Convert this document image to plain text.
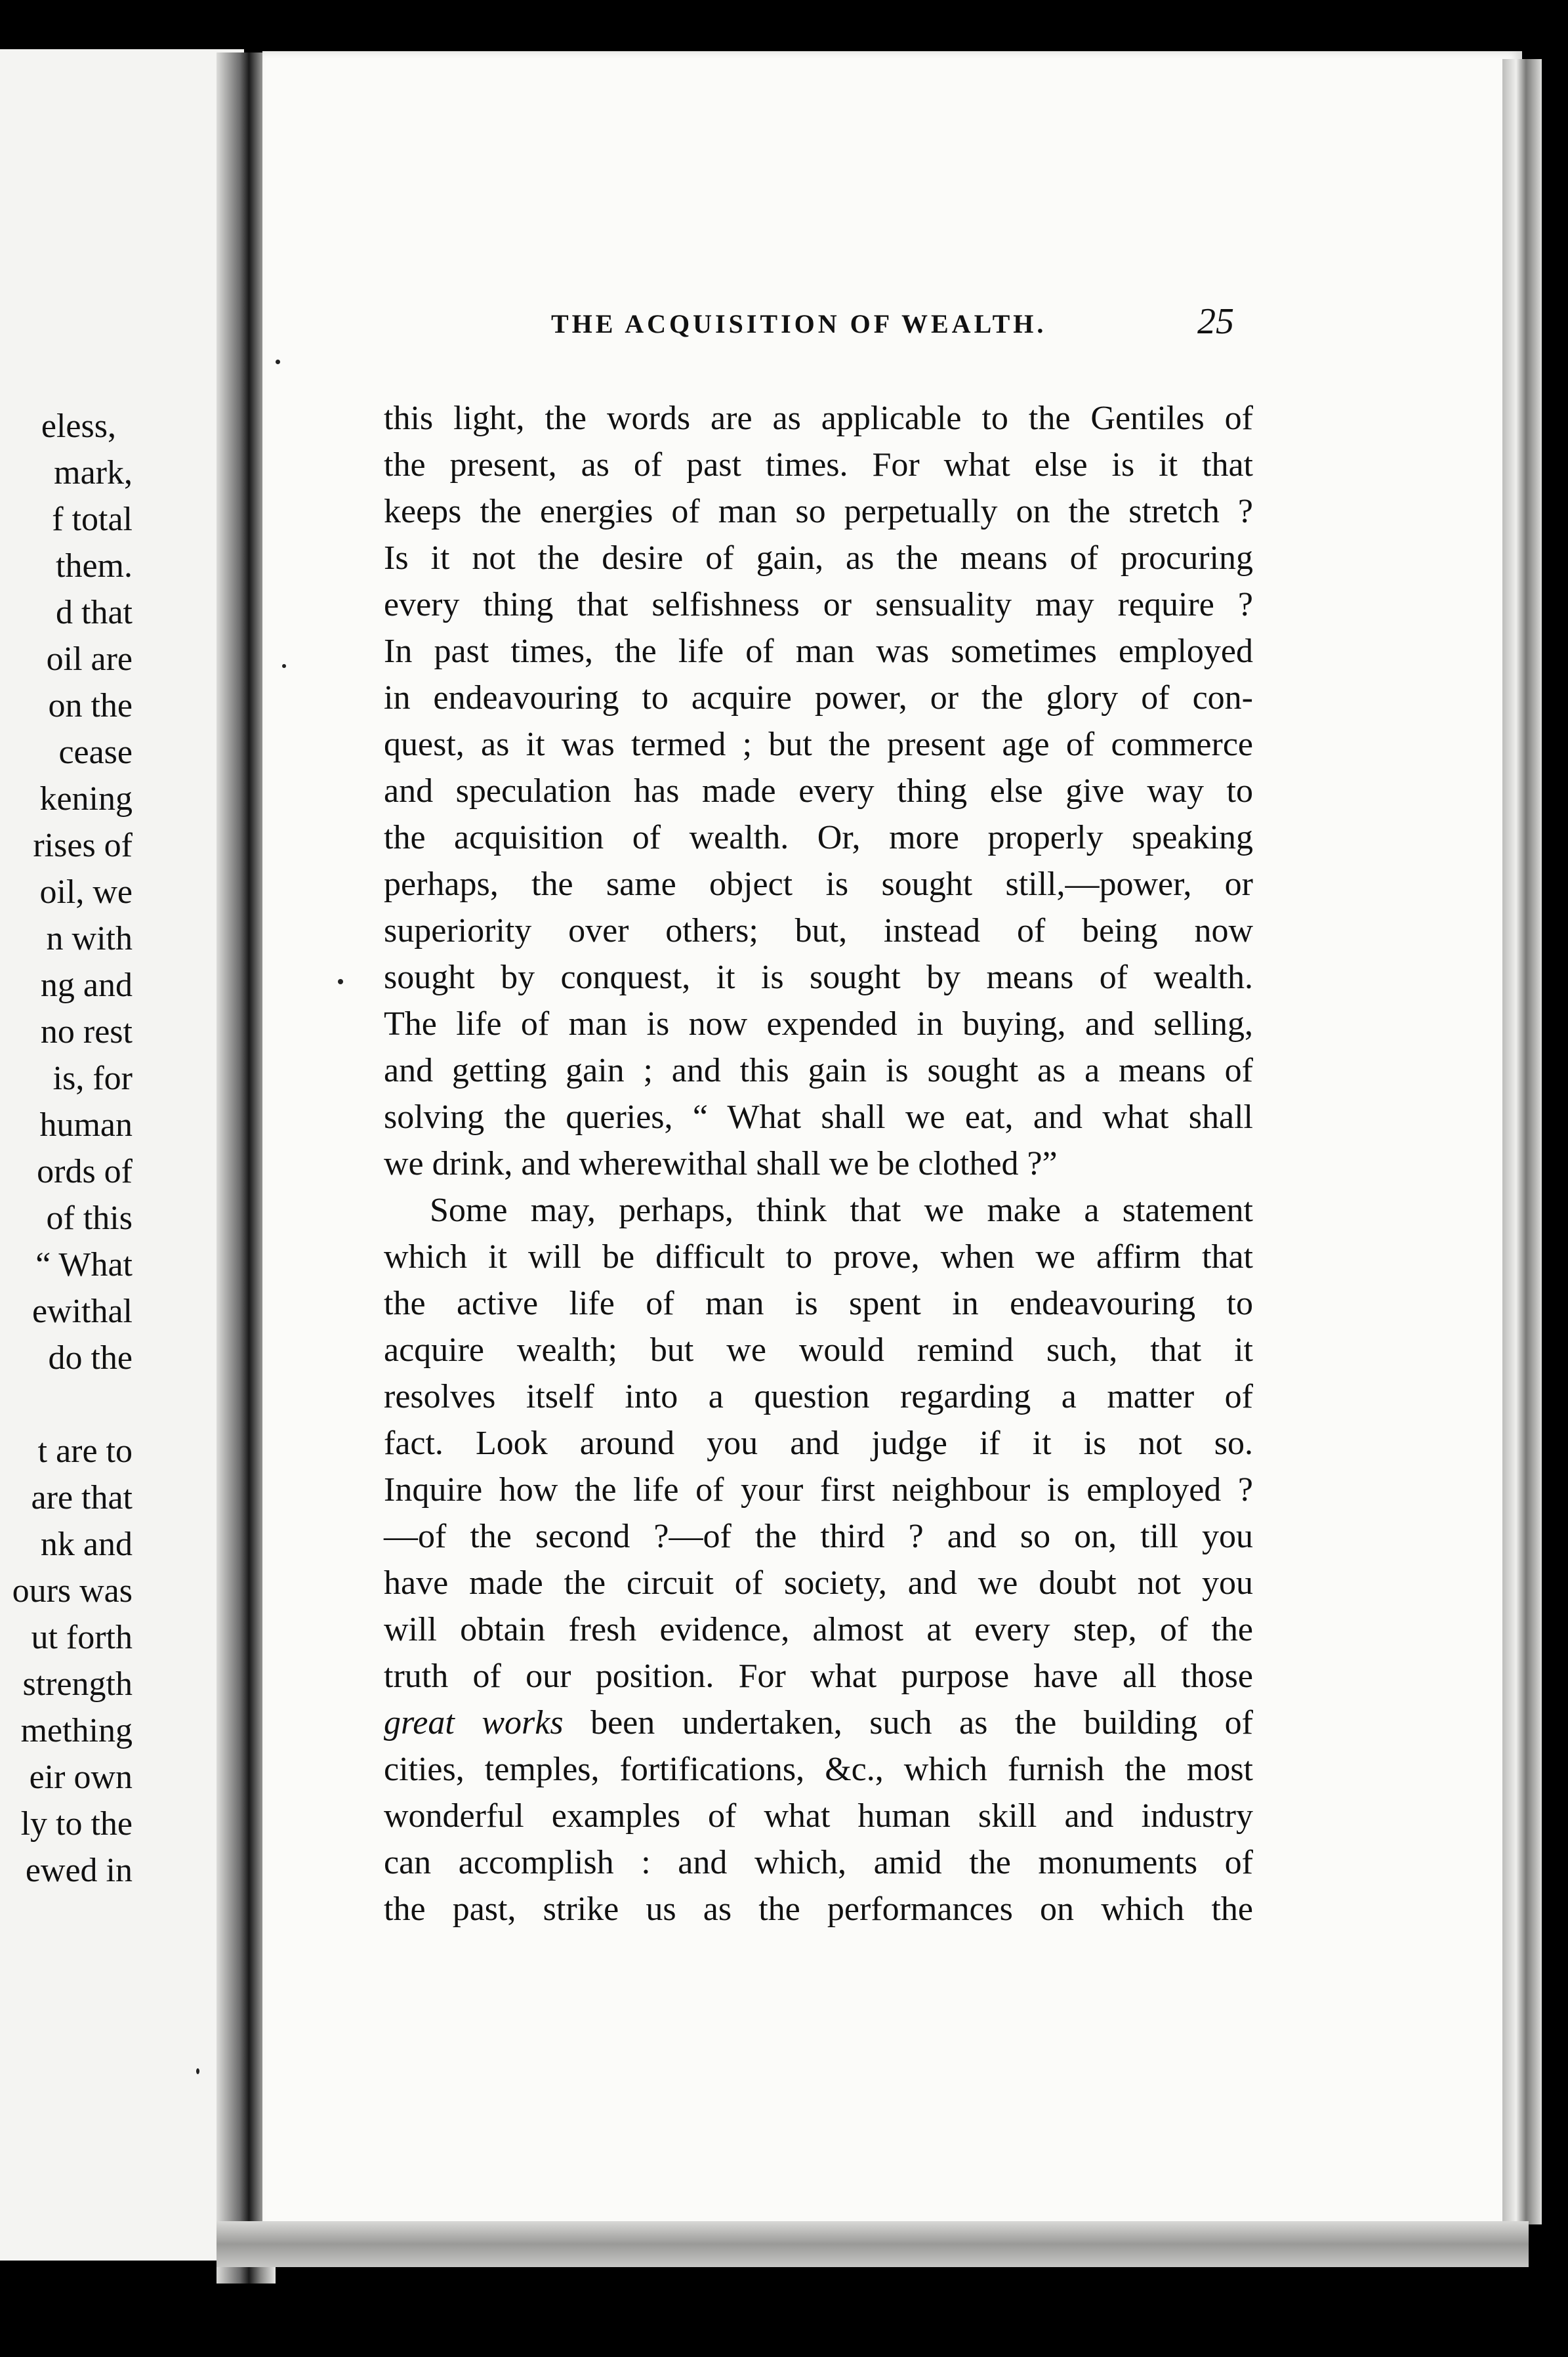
eless,
mark,
f total
them.
d that
oil are
on the
cease
kening
rises of
oil, we
n with
ng and
no rest
is, for
human
ords of
of this
“ What
ewithal
do the
t are to
are that
nk and
ours was
ut forth
strength
mething
eir own
ly to the
ewed in
THE ACQUISITION OF WEALTH.	25
this light, the words are as applicable to the Gentiles of
the present, as of past times. For what else is it that
keeps the energies of man so perpetually on the stretch ?
Is it not the desire of gain, as the means of procuring
every thing that selfishness or sensuality may require ?
In past times, the life of man was sometimes employed
in endeavouring to acquire power, or the glory of con-
quest, as it was termed ; but the present age of commerce
and speculation has made every thing else give way to
the acquisition of wealth. Or, more properly speaking
perhaps, the same object is sought still,—power, or
superiority over others; but, instead of being now
sought by conquest, it is sought by means of wealth.
The life of man is now expended in buying, and selling,
and getting gain ; and this gain is sought as a means of
solving the queries, “ What shall we eat, and what shall
we drink, and wherewithal shall we be clothed ?”
Some may, perhaps, think that we make a statement
which it will be difficult to prove, when we affirm that
the active life of man is spent in endeavouring to
acquire wealth; but we would remind such, that it
resolves itself into a question regarding a matter of
fact. Look around you and judge if it is not so.
Inquire how the life of your first neighbour is employed ?
—of the second ?—of the third ? and so on, till you
have made the circuit of society, and we doubt not you
will obtain fresh evidence, almost at every step, of the
truth of our position. For what purpose have all those
great works been undertaken, such as the building of
cities, temples, fortifications, &c., which furnish the most
wonderful examples of what human skill and industry
can accomplish : and which, amid the monuments of
the past, strike us as the performances on which the
